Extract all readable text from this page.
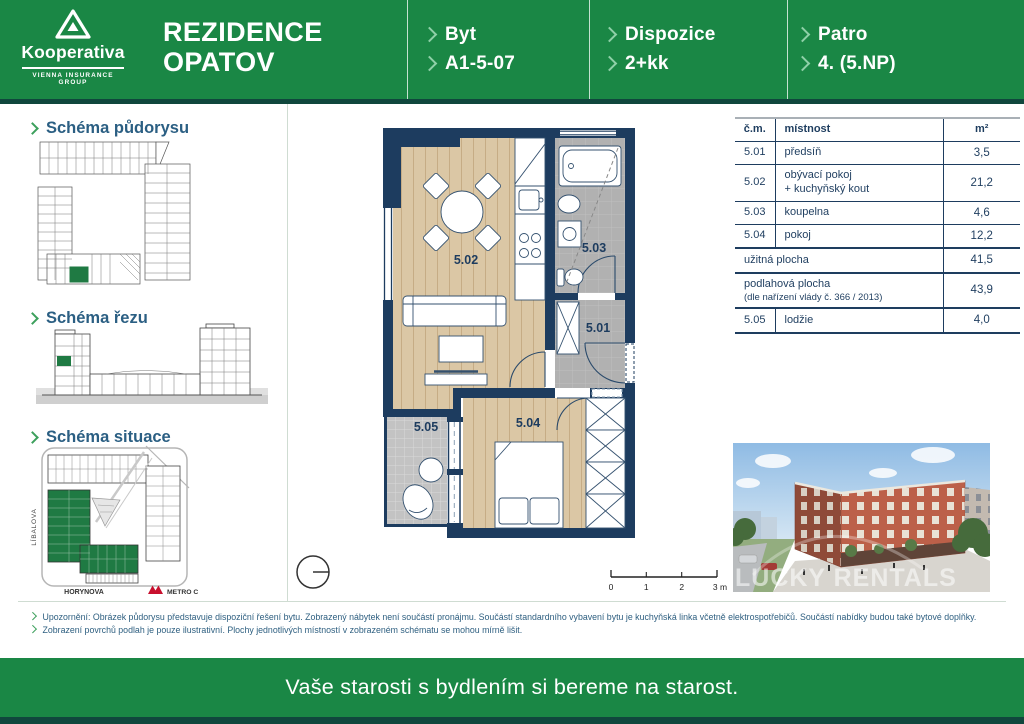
Kooperativa
VIENNA INSURANCE GROUP
REZIDENCE
OPATOV
Byt
A1-5-07
Dispozice
2+kk
Patro
4. (5.NP)
Schéma půdorysu
Schéma řezu
Schéma situace
LÍBALOVA
HORYNOVA	METRO C
5.01
5.02
5.03
5.04
5.05
0	1	2	3 m
č.m.	místnost	m²
5.01	předsíň	3,5
5.02	obývací pokoj
+ kuchyňský kout	21,2
5.03	koupelna	4,6
5.04	pokoj	12,2
užitná plocha		41,5

podlahová plocha
(dle nařízení vlády č. 366 / 2013)		43,9
5.05	lodžie	4,0
LUCKY RENTALS
Upozornění: Obrázek půdorysu představuje dispoziční řešení bytu. Zobrazený nábytek není součástí pronájmu. Součástí standardního vybavení bytu je kuchyňská linka včetně elektrospotřebičů. Součástí nabídky budou také bytové doplňky.
Zobrazení povrchů podlah je pouze ilustrativní. Plochy jednotlivých místností v zobrazeném schématu se mohou mírně lišit.
Vaše starosti s bydlením si bereme na starost.
